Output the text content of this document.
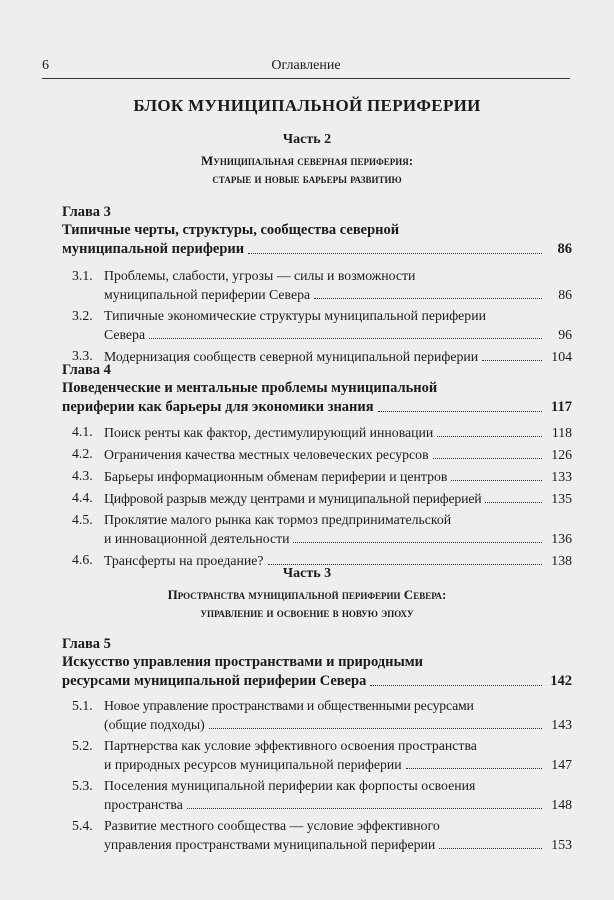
6	Оглавление
БЛОК МУНИЦИПАЛЬНОЙ ПЕРИФЕРИИ
Часть 2
Муниципальная северная периферия:
старые и новые барьеры развитию
Глава 3
Типичные черты, структуры, сообщества северной
муниципальной периферии	86
3.1. Проблемы, слабости, угрозы — силы и возможности
муниципальной периферии Севера	86
3.2. Типичные экономические структуры муниципальной периферии
Севера	96
3.3. Модернизация сообществ северной муниципальной периферии	104
Глава 4
Поведенческие и ментальные проблемы муниципальной
периферии как барьеры для экономики знания	117
4.1. Поиск ренты как фактор, дестимулирующий инновации	118
4.2. Ограничения качества местных человеческих ресурсов	126
4.3. Барьеры информационным обменам периферии и центров	133
4.4. Цифровой разрыв между центрами и муниципальной периферией	135
4.5. Проклятие малого рынка как тормоз предпринимательской
и инновационной деятельности	136
4.6. Трансферты на проедание?	138
Часть 3
Пространства муниципальной периферии Севера:
управление и освоение в новую эпоху
Глава 5
Искусство управления пространствами и природными
ресурсами муниципальной периферии Севера	142
5.1. Новое управление пространствами и общественными ресурсами
(общие подходы)	143
5.2. Партнерства как условие эффективного освоения пространства
и природных ресурсов муниципальной периферии	147
5.3. Поселения муниципальной периферии как форпосты освоения
пространства	148
5.4. Развитие местного сообщества — условие эффективного
управления пространствами муниципальной периферии	153
